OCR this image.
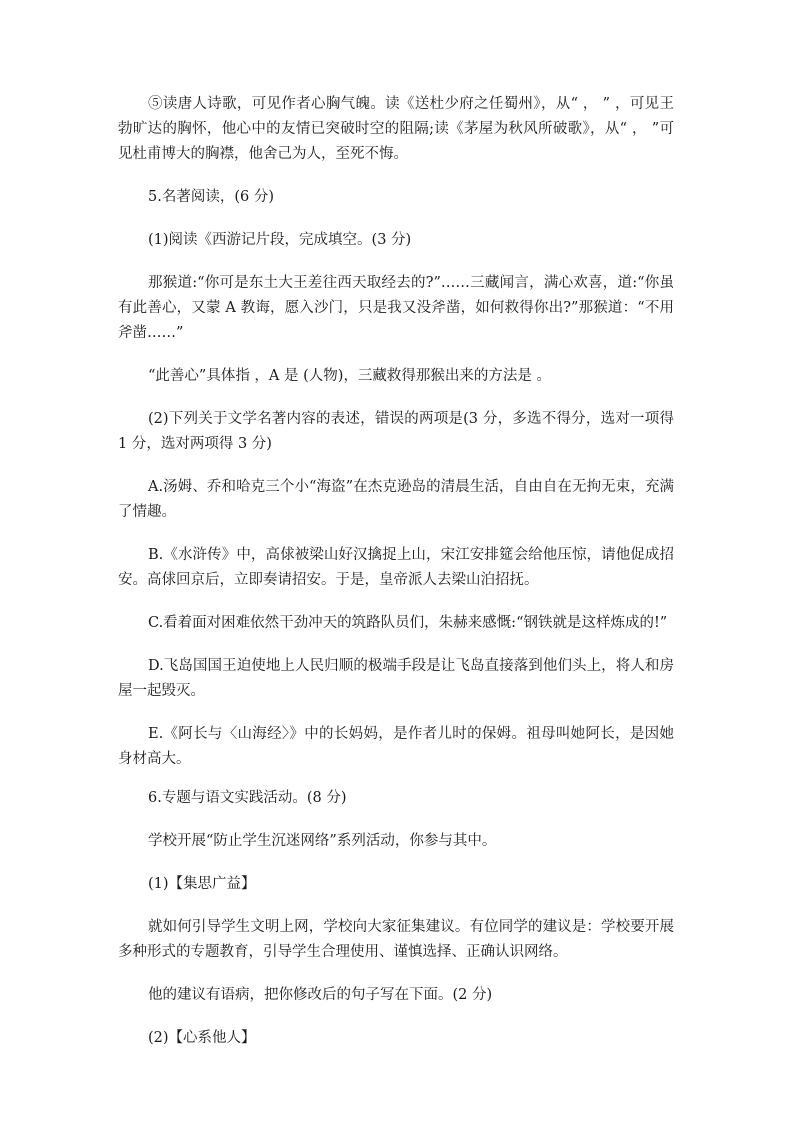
⑤读唐人诗歌，可见作者心胸气魄。读《送杜少府之任蜀州》，从“ ， ” ，可见王勃旷达的胸怀，他心中的友情已突破时空的阻隔;读《茅屋为秋风所破歌》，从“ ， ”可见杜甫博大的胸襟，他舍己为人，至死不悔。

5.名著阅读，(6 分)

(1)阅读《西游记片段，完成填空。(3 分)

那猴道:“你可是东土大王差往西天取经去的?”……三藏闻言，满心欢喜，道:“你虽有此善心，又蒙 A 教诲，愿入沙门，只是我又没斧凿，如何救得你出?”那猴道：“不用斧凿……”

“此善心”具体指 ，A 是 (人物)，三藏救得那猴出来的方法是 。

(2)下列关于文学名著内容的表述，错误的两项是(3 分，多选不得分，选对一项得 1 分，选对两项得 3 分)

A.汤姆、乔和哈克三个小“海盗”在杰克逊岛的清晨生活，自由自在无拘无束，充满了情趣。

B.《水浒传》中，高俅被梁山好汉擒捉上山，宋江安排筵会给他压惊，请他促成招安。高俅回京后，立即奏请招安。于是，皇帝派人去梁山泊招抚。

C.看着面对困难依然干劲冲天的筑路队员们，朱赫来感慨:“钢铁就是这样炼成的!”

D.飞岛国国王迫使地上人民归顺的极端手段是让飞岛直接落到他们头上，将人和房屋一起毁灭。

E.《阿长与〈山海经〉》中的长妈妈，是作者儿时的保姆。祖母叫她阿长，是因她身材高大。

6.专题与语文实践活动。(8 分)

学校开展“防止学生沉迷网络”系列活动，你参与其中。

(1)【集思广益】

就如何引导学生文明上网，学校向大家征集建议。有位同学的建议是：学校要开展多种形式的专题教育，引导学生合理使用、谨慎选择、正确认识网络。

他的建议有语病，把你修改后的句子写在下面。(2 分)

(2)【心系他人】
